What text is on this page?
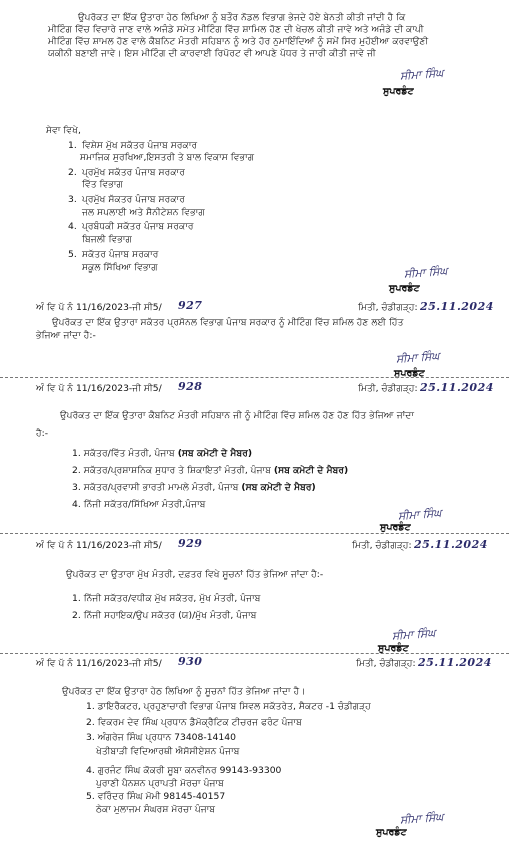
ਉਪਰੋਕਤ ਦਾ ਇੱਕ ਉਤਾਰਾ ਹੇਠ ਲਿਖਿਆ ਨੂੰ ਬਤੌਰ ਨੋਡਲ ਵਿਭਾਗ ਭੇਜਦੇ ਹੋਏ ਬੇਨਤੀ ਕੀਤੀ ਜਾਂਦੀ ਹੈ ਕਿ
ਮੀਟਿੰਗ ਵਿੱਚ ਵਿਚਾਰੇ ਜਾਣ ਵਾਲੇ ਅਜੰਡੇ ਸਮੇਤ ਮੀਟਿੰਗ ਵਿੱਚ ਸ਼ਾਮਿਲ ਹੋਣ ਦੀ ਖੇਚਲ ਕੀਤੀ ਜਾਵੇ ਅਤੇ ਅਜੰਡੇ ਦੀ ਕਾਪੀ
ਮੀਟਿੰਗ ਵਿੱਚ ਸ਼ਾਮਲ ਹੋਣ ਵਾਲੇ ਕੈਬਨਿਟ ਮੰਤਰੀ ਸਹਿਬਾਨ ਨੂੰ ਅਤੇ ਹੋਰ ਨੁਮਾਇੰਦਿਆਂ ਨੂੰ ਸਮੇਂ ਸਿਰ ਮੁਹੱਈਆ ਕਰਵਾਉਣੀ
ਯਕੀਨੀ ਬਣਾਈ ਜਾਵੇ। ਇਸ ਮੀਟਿੰਗ ਦੀ ਕਾਰਵਾਈ ਰਿਪੋਰਟ ਵੀ ਆਪਣੇ ਪੱਧਰ ਤੇ ਜਾਰੀ ਕੀਤੀ ਜਾਵੇ ਜੀ
ਸੀਮਾ ਸਿੰਘ
ਸੁਪਰਡੰਟ
ਸੇਵਾ ਵਿਖੇ,
1. ਵਿਸ਼ੇਸ ਮੁੱਖ ਸਕੱਤਰ ਪੰਜਾਬ ਸਰਕਾਰ
ਸਮਾਜਿਕ ਸੁਰਖਿਆ,ਇਸਤਰੀ ਤੇ ਬਾਲ ਵਿਕਾਸ ਵਿਭਾਗ
2. ਪ੍ਰਮੁੱਖ ਸਕੱਤਰ ਪੰਜਾਬ ਸਰਕਾਰ
ਵਿੱਤ ਵਿਭਾਗ
3. ਪ੍ਰਮੁੱਖ ਸੱਕਤਰ ਪੰਜਾਬ ਸਰਕਾਰ
ਜਲ ਸਪਲਾਈ ਅਤੇ ਸੈਨੀਟੇਸ਼ਨ ਵਿਭਾਗ
4. ਪ੍ਰਬੰਧਕੀ ਸਕੱਤਰ ਪੰਜਾਬ ਸਰਕਾਰ
ਬਿਜਲੀ ਵਿਭਾਗ
5. ਸਕੱਤਰ ਪੰਜਾਬ ਸਰਕਾਰ
ਸਕੂਲ ਸਿੱਖਿਆ ਵਿਭਾਗ	ਸੀਮਾ ਸਿੰਘ
ਸੁਪਰਡੰਟ
ਅੰ ਵਿ ਪੱ ਨੰ 11/16/2023-ਜੀ ਸੀ5/ 927	ਮਿਤੀ, ਚੰਡੀਗੜ੍ਹ: 25.11.2024
ਉਪਰੋਕਤ ਦਾ ਇੱਕ ਉਤਾਰਾ ਸਕੱਤਰ ਪ੍ਰਸੋਨਲ ਵਿਭਾਗ ਪੰਜਾਬ ਸਰਕਾਰ ਨੂੰ ਮੀਟਿੰਗ ਵਿੱਚ ਸ਼ਮਿਲ ਹੋਣ ਲਈ ਹਿੱਤ
ਭੇਜਿਆ ਜਾਂਦਾ ਹੈ:-
ਸੀਮਾ ਸਿੰਘ
ਸੁਪਰਡੰਟ
ਅੰ ਵਿ ਪੱ ਨੰ 11/16/2023-ਜੀ ਸੀ5/ 928	ਮਿਤੀ, ਚੰਡੀਗੜ੍ਹ: 25.11.2024
ਉਪਰੋਕਤ ਦਾ ਇੱਕ ਉਤਾਰਾ ਕੈਬਨਿਟ ਮੰਤਰੀ ਸਹਿਬਾਨ ਜੀ ਨੂੰ ਮੀਟਿੰਗ ਵਿੱਚ ਸ਼ਮਿਲ ਹੋਣ ਹੋਣ ਹਿੱਤ ਭੇਜਿਆ ਜਾਂਦਾ
ਹੈ:-
1. ਸਕੱਤਰ/ਵਿੱਤ ਮੰਤਰੀ, ਪੰਜਾਬ (ਸਬ ਕਮੇਟੀ ਦੇ ਮੈਬਰ)
2. ਸਕੱਤਰ/ਪ੍ਰਸ਼ਾਸ਼ਨਿਕ ਸੁਧਾਰ ਤੇ ਸ਼ਿਕਾਇਤਾਂ ਮੰਤਰੀ, ਪੰਜਾਬ (ਸਬ ਕਮੇਟੀ ਦੇ ਮੈਬਰ)
3. ਸਕੱਤਰ/ਪ੍ਰਵਾਸੀ ਭਾਰਤੀ ਮਾਮਲੇ ਮੰਤਰੀ, ਪੰਜਾਬ (ਸਬ ਕਮੇਟੀ ਦੇ ਮੈਬਰ)
4. ਨਿੱਜੀ ਸਕੱਤਰ/ਸਿੱਖਿਆ ਮੰਤਰੀ,ਪੰਜਾਬ
ਸੀਮਾ ਸਿੰਘ
ਸੁਪਰਡੰਟ
ਅੰ ਵਿ ਪੱ ਨੰ 11/16/2023-ਜੀ ਸੀ5/ 929	ਮਿਤੀ, ਚੰਡੀਗੜ੍ਹ: 25.11.2024
ਉਪਰੋਕਤ ਦਾ ਉਤਾਰਾ ਮੁੱਖ ਮੰਤਰੀ, ਦਫ਼ਤਰ ਵਿਖੇ ਸੂਚਨਾਂ ਹਿੱਤ ਭੇਜਿਆ ਜਾਂਦਾ ਹੈ:-
1. ਨਿੱਜੀ ਸਕੱਤਰ/ਵਧੀਕ ਮੁੱਖ ਸਕੱਤਰ, ਮੁੱਖ ਮੰਤਰੀ, ਪੰਜਾਬ
2. ਨਿੱਜੀ ਸਹਾਇਕ/ਉਪ ਸਕੱਤਰ (ਯ)/ਮੁੱਖ ਮੰਤਰੀ, ਪੰਜਾਬ
ਸੀਮਾ ਸਿੰਘ
ਸੁਪਰਡੰਟ
ਅੰ ਵਿ ਪੱ ਨੰ 11/16/2023-ਜੀ ਸੀ5/ 930	ਮਿਤੀ, ਚੰਡੀਗੜ੍ਹ: 25.11.2024
ਉਪਰੋਕਤ ਦਾ ਇੱਕ ਉਤਾਰਾ ਹੇਠ ਲਿਖਿਆ ਨੂੰ ਸੂਚਨਾਂ ਹਿੱਤ ਭੇਜਿਆ ਜਾਂਦਾ ਹੈ।
1. ਡਾਇਰੈਕਟਰ, ਪ੍ਰਹੁਣਾਚਾਰੀ ਵਿਭਾਗ ਪੰਜਾਬ ਸਿਵਲ ਸਕੱਤਰੇਤ, ਸੈਕਟਰ -1 ਚੰਡੀਗੜ੍ਹ
2. ਵਿਕਰਮ ਦੇਵ ਸਿੰਘ ਪ੍ਰਧਾਨ ਡੈਮੋਕ੍ਰੈਟਿਕ ਟੀਚਰਜ ਫਰੰਟ ਪੰਜਾਬ
3. ਅੰਗਰੇਜ ਸਿੰਘ ਪ੍ਰਧਾਨ 73408-14140
ਖੇਤੀਬਾੜੀ ਵਿਦਿਆਰਥੀ ਐਸੋਸੀਏਸ਼ਨ ਪੰਜਾਬ
4. ਗੁਰਜੰਟ ਸਿੰਘ ਕੋਕਰੀ ਸੂਬਾ ਕਨਵੀਨਰ 99143-93300
ਪੁਰਾਣੀ ਪੈਨਸ਼ਨ ਪ੍ਰਾਪਤੀ ਮੋਰਚਾ ਪੰਜਾਬ
5. ਵਰਿੰਦਰ ਸਿੰਘ ਮੋਮੀ 98145-40157
ਠੇਕਾ ਮੁਲਾਜਮ ਸੰਘਰਸ਼ ਮੋਰਚਾ ਪੰਜਾਬ
ਸੀਮਾ ਸਿੰਘ
ਸੁਪਰਡੰਟ
